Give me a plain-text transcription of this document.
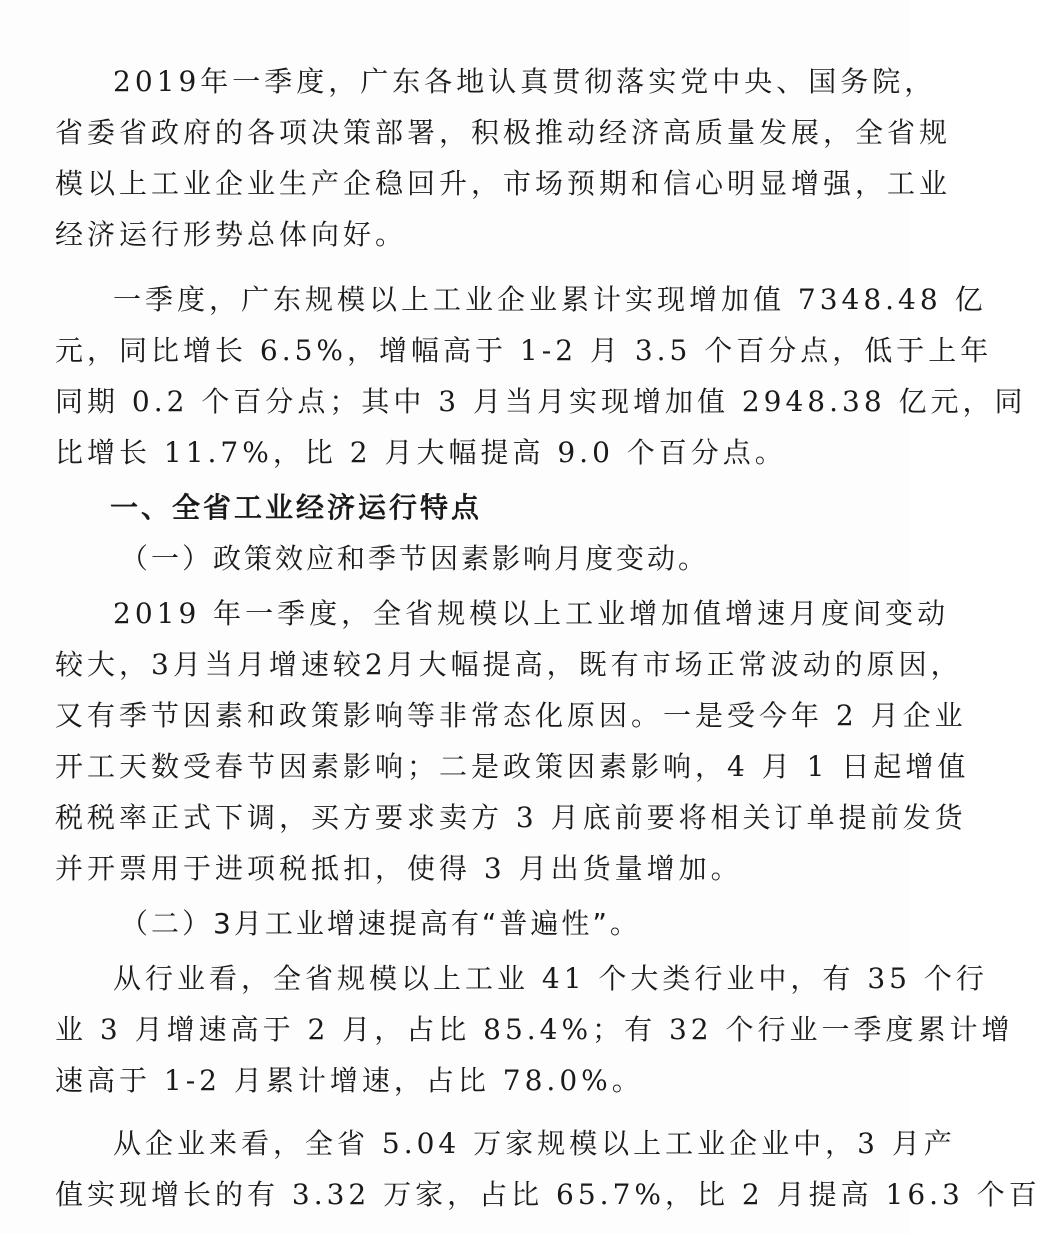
2019年一季度，广东各地认真贯彻落实党中央、国务院，
省委省政府的各项决策部署，积极推动经济高质量发展，全省规
模以上工业企业生产企稳回升，市场预期和信心明显增强，工业
经济运行形势总体向好。
一季度，广东规模以上工业企业累计实现增加值 7348.48 亿
元，同比增长 6.5%，增幅高于 1-2 月 3.5 个百分点，低于上年
同期 0.2 个百分点；其中 3 月当月实现增加值 2948.38 亿元，同
比增长 11.7%，比 2 月大幅提高 9.0 个百分点。
一、全省工业经济运行特点
（一）政策效应和季节因素影响月度变动。
2019 年一季度，全省规模以上工业增加值增速月度间变动
较大，3月当月增速较2月大幅提高，既有市场正常波动的原因，
又有季节因素和政策影响等非常态化原因。一是受今年 2 月企业
开工天数受春节因素影响；二是政策因素影响，4 月 1 日起增值
税税率正式下调，买方要求卖方 3 月底前要将相关订单提前发货
并开票用于进项税抵扣，使得 3 月出货量增加。
（二）3月工业增速提高有“普遍性”。
从行业看，全省规模以上工业 41 个大类行业中，有 35 个行
业 3 月增速高于 2 月，占比 85.4%；有 32 个行业一季度累计增
速高于 1-2 月累计增速，占比 78.0%。
从企业来看，全省 5.04 万家规模以上工业企业中，3 月产
值实现增长的有 3.32 万家，占比 65.7%，比 2 月提高 16.3 个百
